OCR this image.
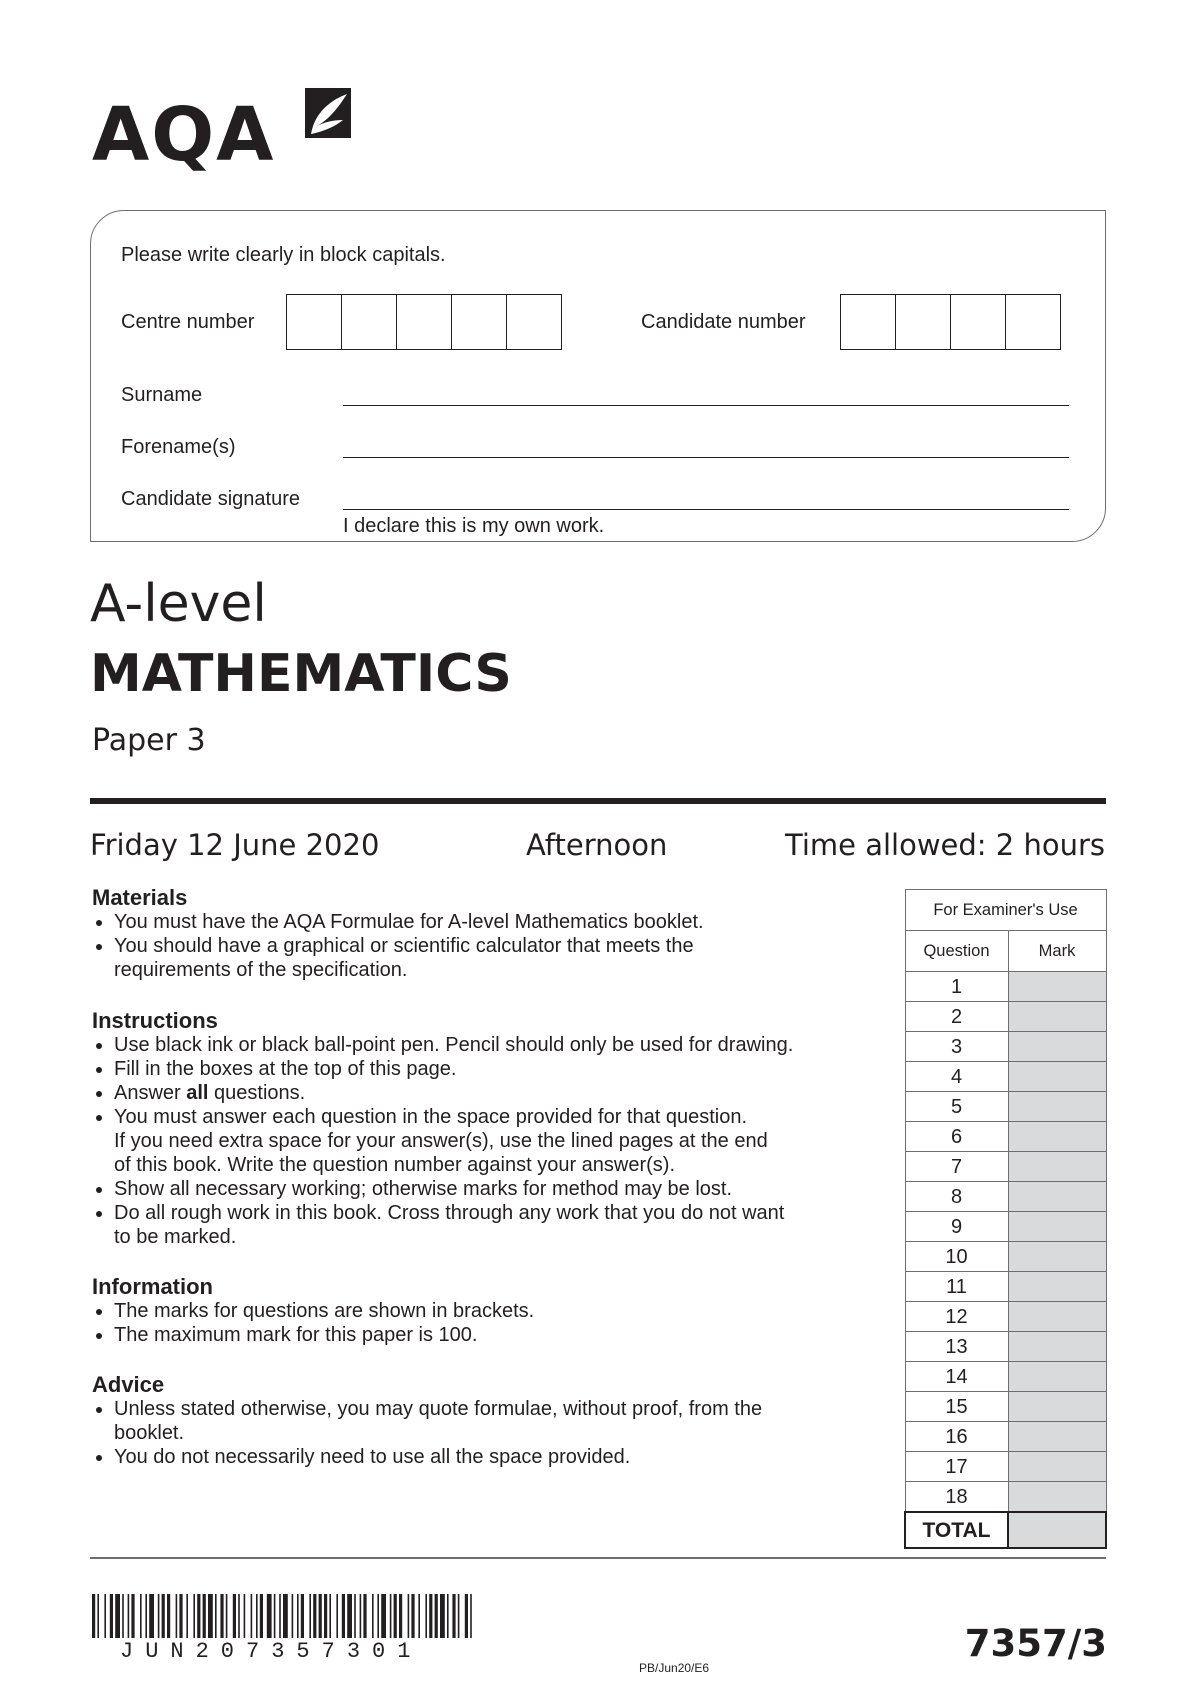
AQA
Please write clearly in block capitals.
Centre number	Candidate number
Surname
Forename(s)
Candidate signature
I declare this is my own work.
A-level
MATHEMATICS
Paper 3
Friday 12 June 2020	Afternoon	Time allowed: 2 hours
Materials
You must have the AQA Formulae for A-level Mathematics booklet.
You should have a graphical or scientific calculator that meets the
requirements of the specification.
Instructions
Use black ink or black ball-point pen. Pencil should only be used for drawing.
Fill in the boxes at the top of this page.
Answer all questions.
You must answer each question in the space provided for that question.
If you need extra space for your answer(s), use the lined pages at the end
of this book. Write the question number against your answer(s).
Show all necessary working; otherwise marks for method may be lost.
Do all rough work in this book. Cross through any work that you do not want
to be marked.
Information
The marks for questions are shown in brackets.
The maximum mark for this paper is 100.
Advice
Unless stated otherwise, you may quote formulae, without proof, from the
booklet.
You do not necessarily need to use all the space provided.
For Examiner's Use	
Question	Mark
1	
2	
3	
4	
5	
6	
7	
8	
9	
10	
11	
12	
13	
14	
15	
16	
17	
18	
TOTAL	
JUN207357301
PB/Jun20/E6
7357/3
